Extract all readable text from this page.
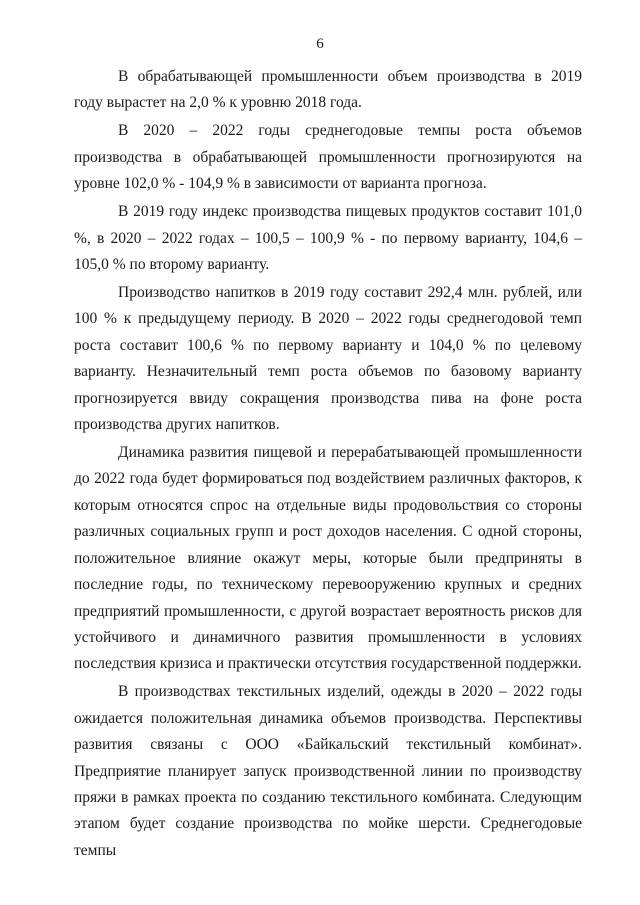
6

В обрабатывающей промышленности объем производства в 2019 году вырастет на 2,0 % к уровню 2018 года.

В 2020 – 2022 годы среднегодовые темпы роста объемов производства в обрабатывающей промышленности прогнозируются на уровне 102,0 % - 104,9 % в зависимости от варианта прогноза.

В 2019 году индекс производства пищевых продуктов составит 101,0 %, в 2020 – 2022 годах – 100,5 – 100,9 % - по первому варианту, 104,6 – 105,0 % по второму варианту.

Производство напитков в 2019 году составит 292,4 млн. рублей, или 100 % к предыдущему периоду. В 2020 – 2022 годы среднегодовой темп роста составит 100,6 % по первому варианту и 104,0 % по целевому варианту. Незначительный темп роста объемов по базовому варианту прогнозируется ввиду сокращения производства пива на фоне роста производства других напитков.

Динамика развития пищевой и перерабатывающей промышленности до 2022 года будет формироваться под воздействием различных факторов, к которым относятся спрос на отдельные виды продовольствия со стороны различных социальных групп и рост доходов населения. С одной стороны, положительное влияние окажут меры, которые были предприняты в последние годы, по техническому перевооружению крупных и средних предприятий промышленности, с другой возрастает вероятность рисков для устойчивого и динамичного развития промышленности в условиях последствия кризиса и практически отсутствия государственной поддержки.

В производствах текстильных изделий, одежды в 2020 – 2022 годы ожидается положительная динамика объемов производства. Перспективы развития связаны с ООО «Байкальский текстильный комбинат». Предприятие планирует запуск производственной линии по производству пряжи в рамках проекта по созданию текстильного комбината. Следующим этапом будет создание производства по мойке шерсти. Среднегодовые темпы
